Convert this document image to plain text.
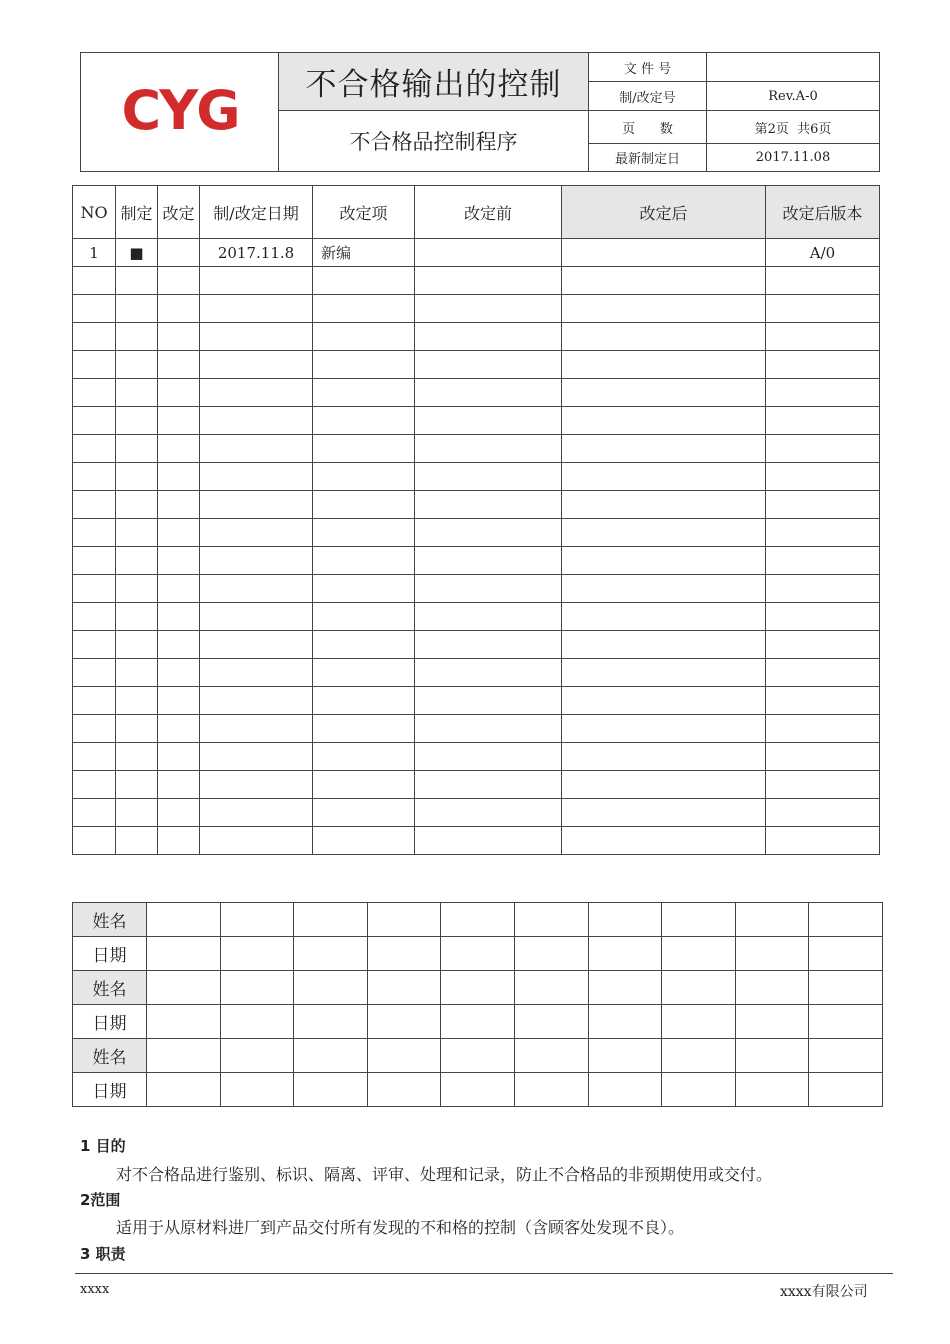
CYG	不合格输出的控制	文 件 号	
		制/改定号	Rev.A-0
	不合格品控制程序	页      数	第2页  共6页
		最新制定日	2017.11.08
NO	制定	改定	制/改定日期	改定项	改定前	改定后	改定后版本
1	■		2017.11.8	新编			A/0

姓名										
日期										
姓名										
日期										
姓名										
日期										
1 目的
对不合格品进行鉴别、标识、隔离、评审、处理和记录，防止不合格品的非预期使用或交付。
2范围
适用于从原材料进厂到产品交付所有发现的不和格的控制（含顾客处发现不良）。
3 职责
xxxx	xxxx有限公司
